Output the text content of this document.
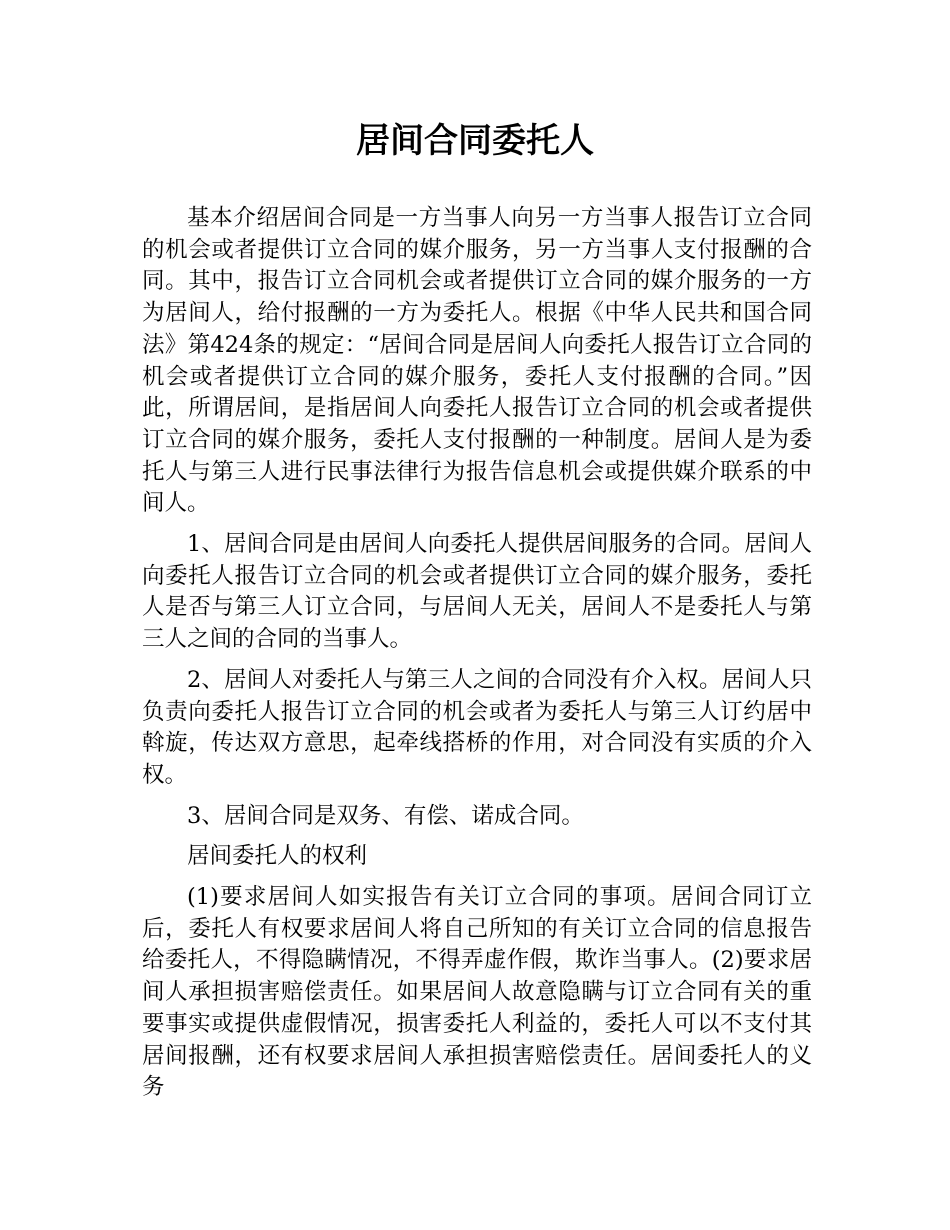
居间合同委托人

基本介绍居间合同是一方当事人向另一方当事人报告订立合同的机会或者提供订立合同的媒介服务，另一方当事人支付报酬的合同。其中，报告订立合同机会或者提供订立合同的媒介服务的一方为居间人，给付报酬的一方为委托人。根据《中华人民共和国合同法》第424条的规定：“居间合同是居间人向委托人报告订立合同的机会或者提供订立合同的媒介服务，委托人支付报酬的合同。”因此，所谓居间，是指居间人向委托人报告订立合同的机会或者提供订立合同的媒介服务，委托人支付报酬的一种制度。居间人是为委托人与第三人进行民事法律行为报告信息机会或提供媒介联系的中间人。

1、居间合同是由居间人向委托人提供居间服务的合同。居间人向委托人报告订立合同的机会或者提供订立合同的媒介服务，委托人是否与第三人订立合同，与居间人无关，居间人不是委托人与第三人之间的合同的当事人。

2、居间人对委托人与第三人之间的合同没有介入权。居间人只负责向委托人报告订立合同的机会或者为委托人与第三人订约居中斡旋，传达双方意思，起牵线搭桥的作用，对合同没有实质的介入权。

3、居间合同是双务、有偿、诺成合同。

居间委托人的权利

(1)要求居间人如实报告有关订立合同的事项。居间合同订立后，委托人有权要求居间人将自己所知的有关订立合同的信息报告给委托人，不得隐瞒情况，不得弄虚作假，欺诈当事人。(2)要求居间人承担损害赔偿责任。如果居间人故意隐瞒与订立合同有关的重要事实或提供虚假情况，损害委托人利益的，委托人可以不支付其居间报酬，还有权要求居间人承担损害赔偿责任。居间委托人的义务
